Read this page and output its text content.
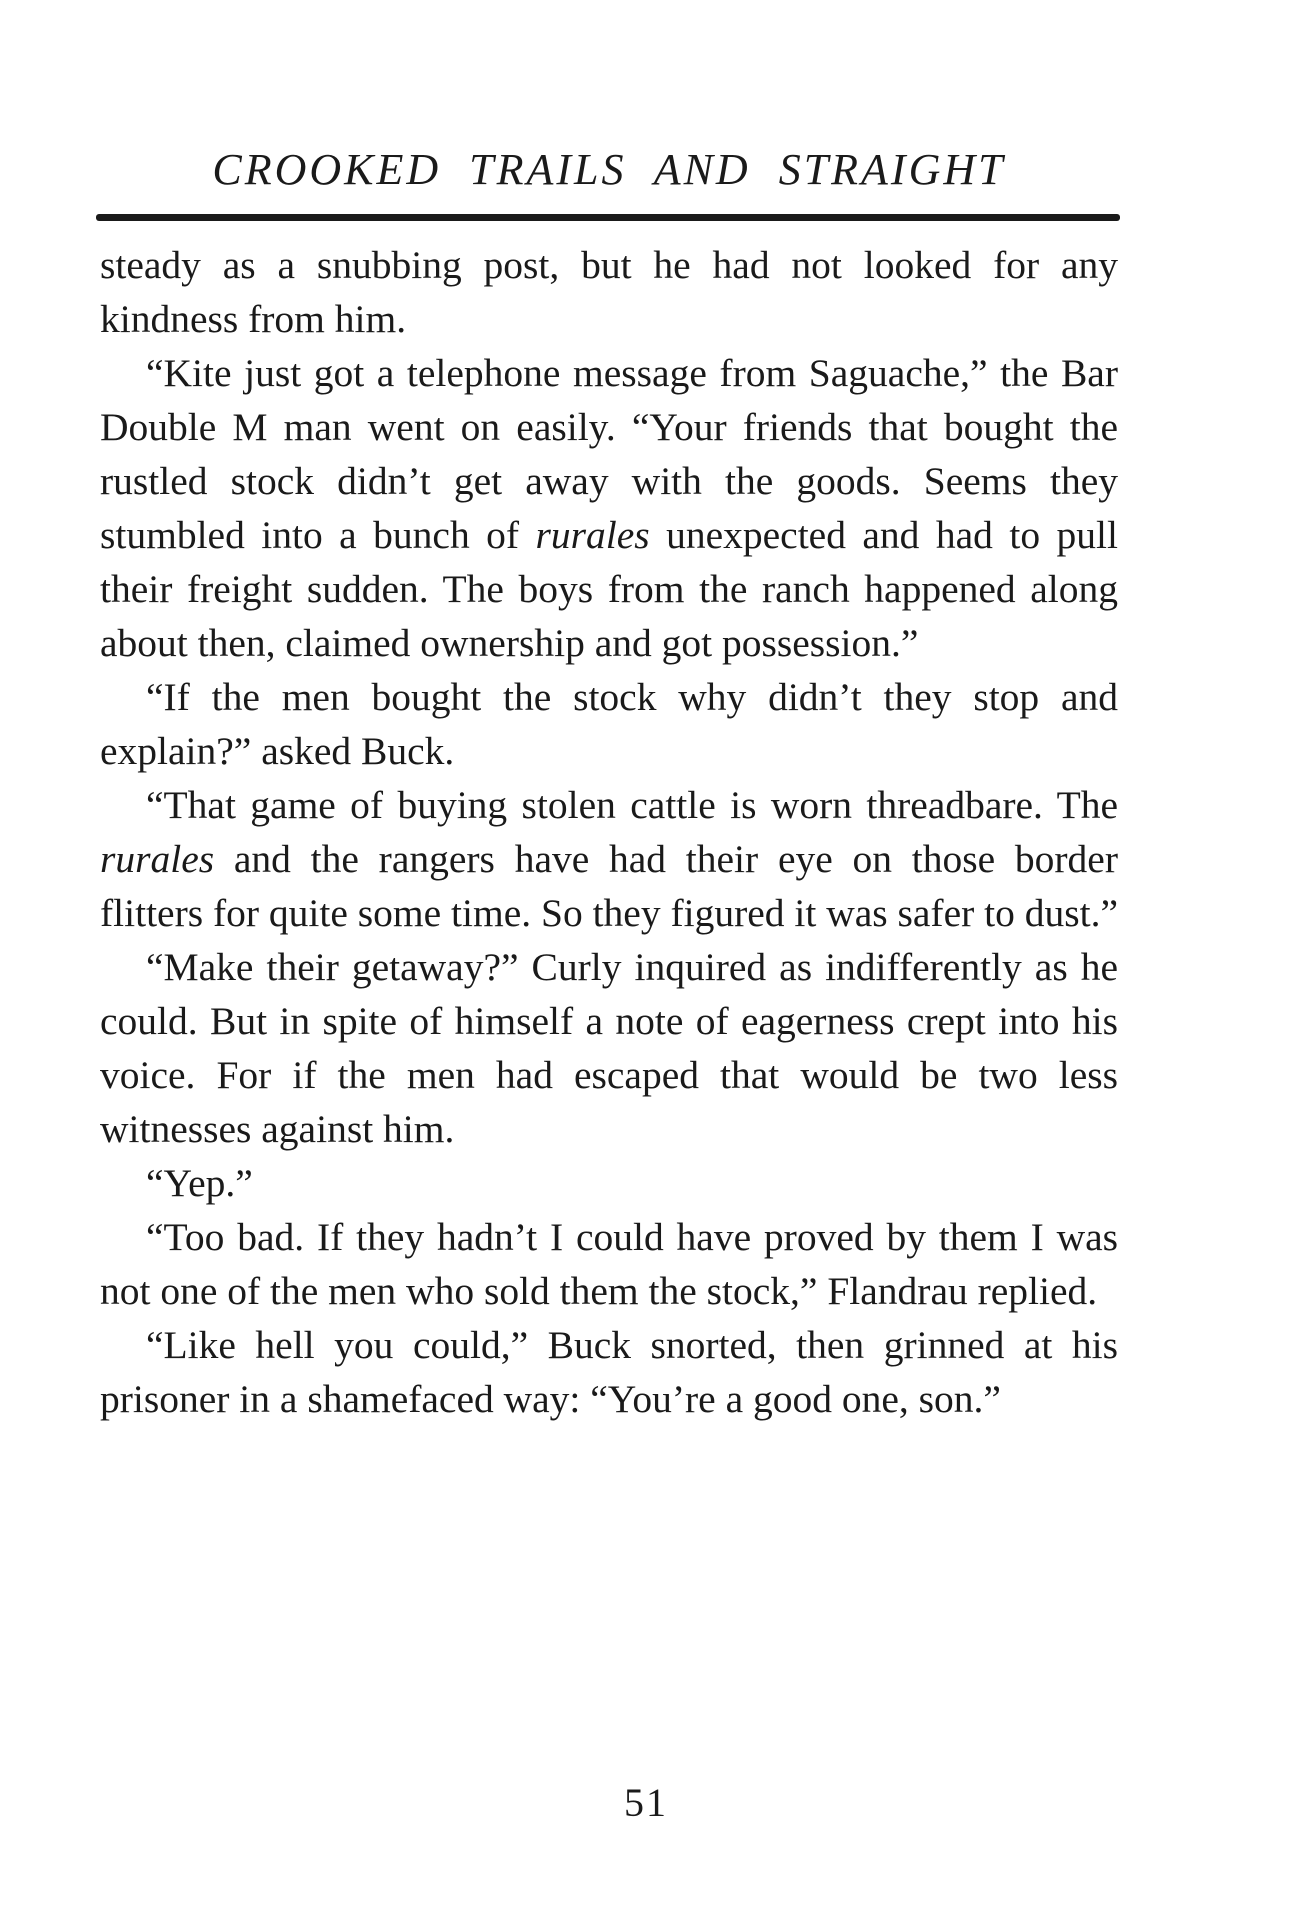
CROOKED TRAILS AND STRAIGHT

steady as a snubbing post, but he had not looked for any kindness from him.

“Kite just got a telephone message from Saguache,” the Bar Double M man went on easily. “Your friends that bought the rustled stock didn’t get away with the goods. Seems they stumbled into a bunch of rurales unexpected and had to pull their freight sudden. The boys from the ranch happened along about then, claimed ownership and got possession.”

“If the men bought the stock why didn’t they stop and explain?” asked Buck.

“That game of buying stolen cattle is worn threadbare. The rurales and the rangers have had their eye on those border flitters for quite some time. So they figured it was safer to dust.”

“Make their getaway?” Curly inquired as indifferently as he could. But in spite of himself a note of eagerness crept into his voice. For if the men had escaped that would be two less witnesses against him.

“Yep.”

“Too bad. If they hadn’t I could have proved by them I was not one of the men who sold them the stock,” Flandrau replied.

“Like hell you could,” Buck snorted, then grinned at his prisoner in a shamefaced way: “You’re a good one, son.”

51
